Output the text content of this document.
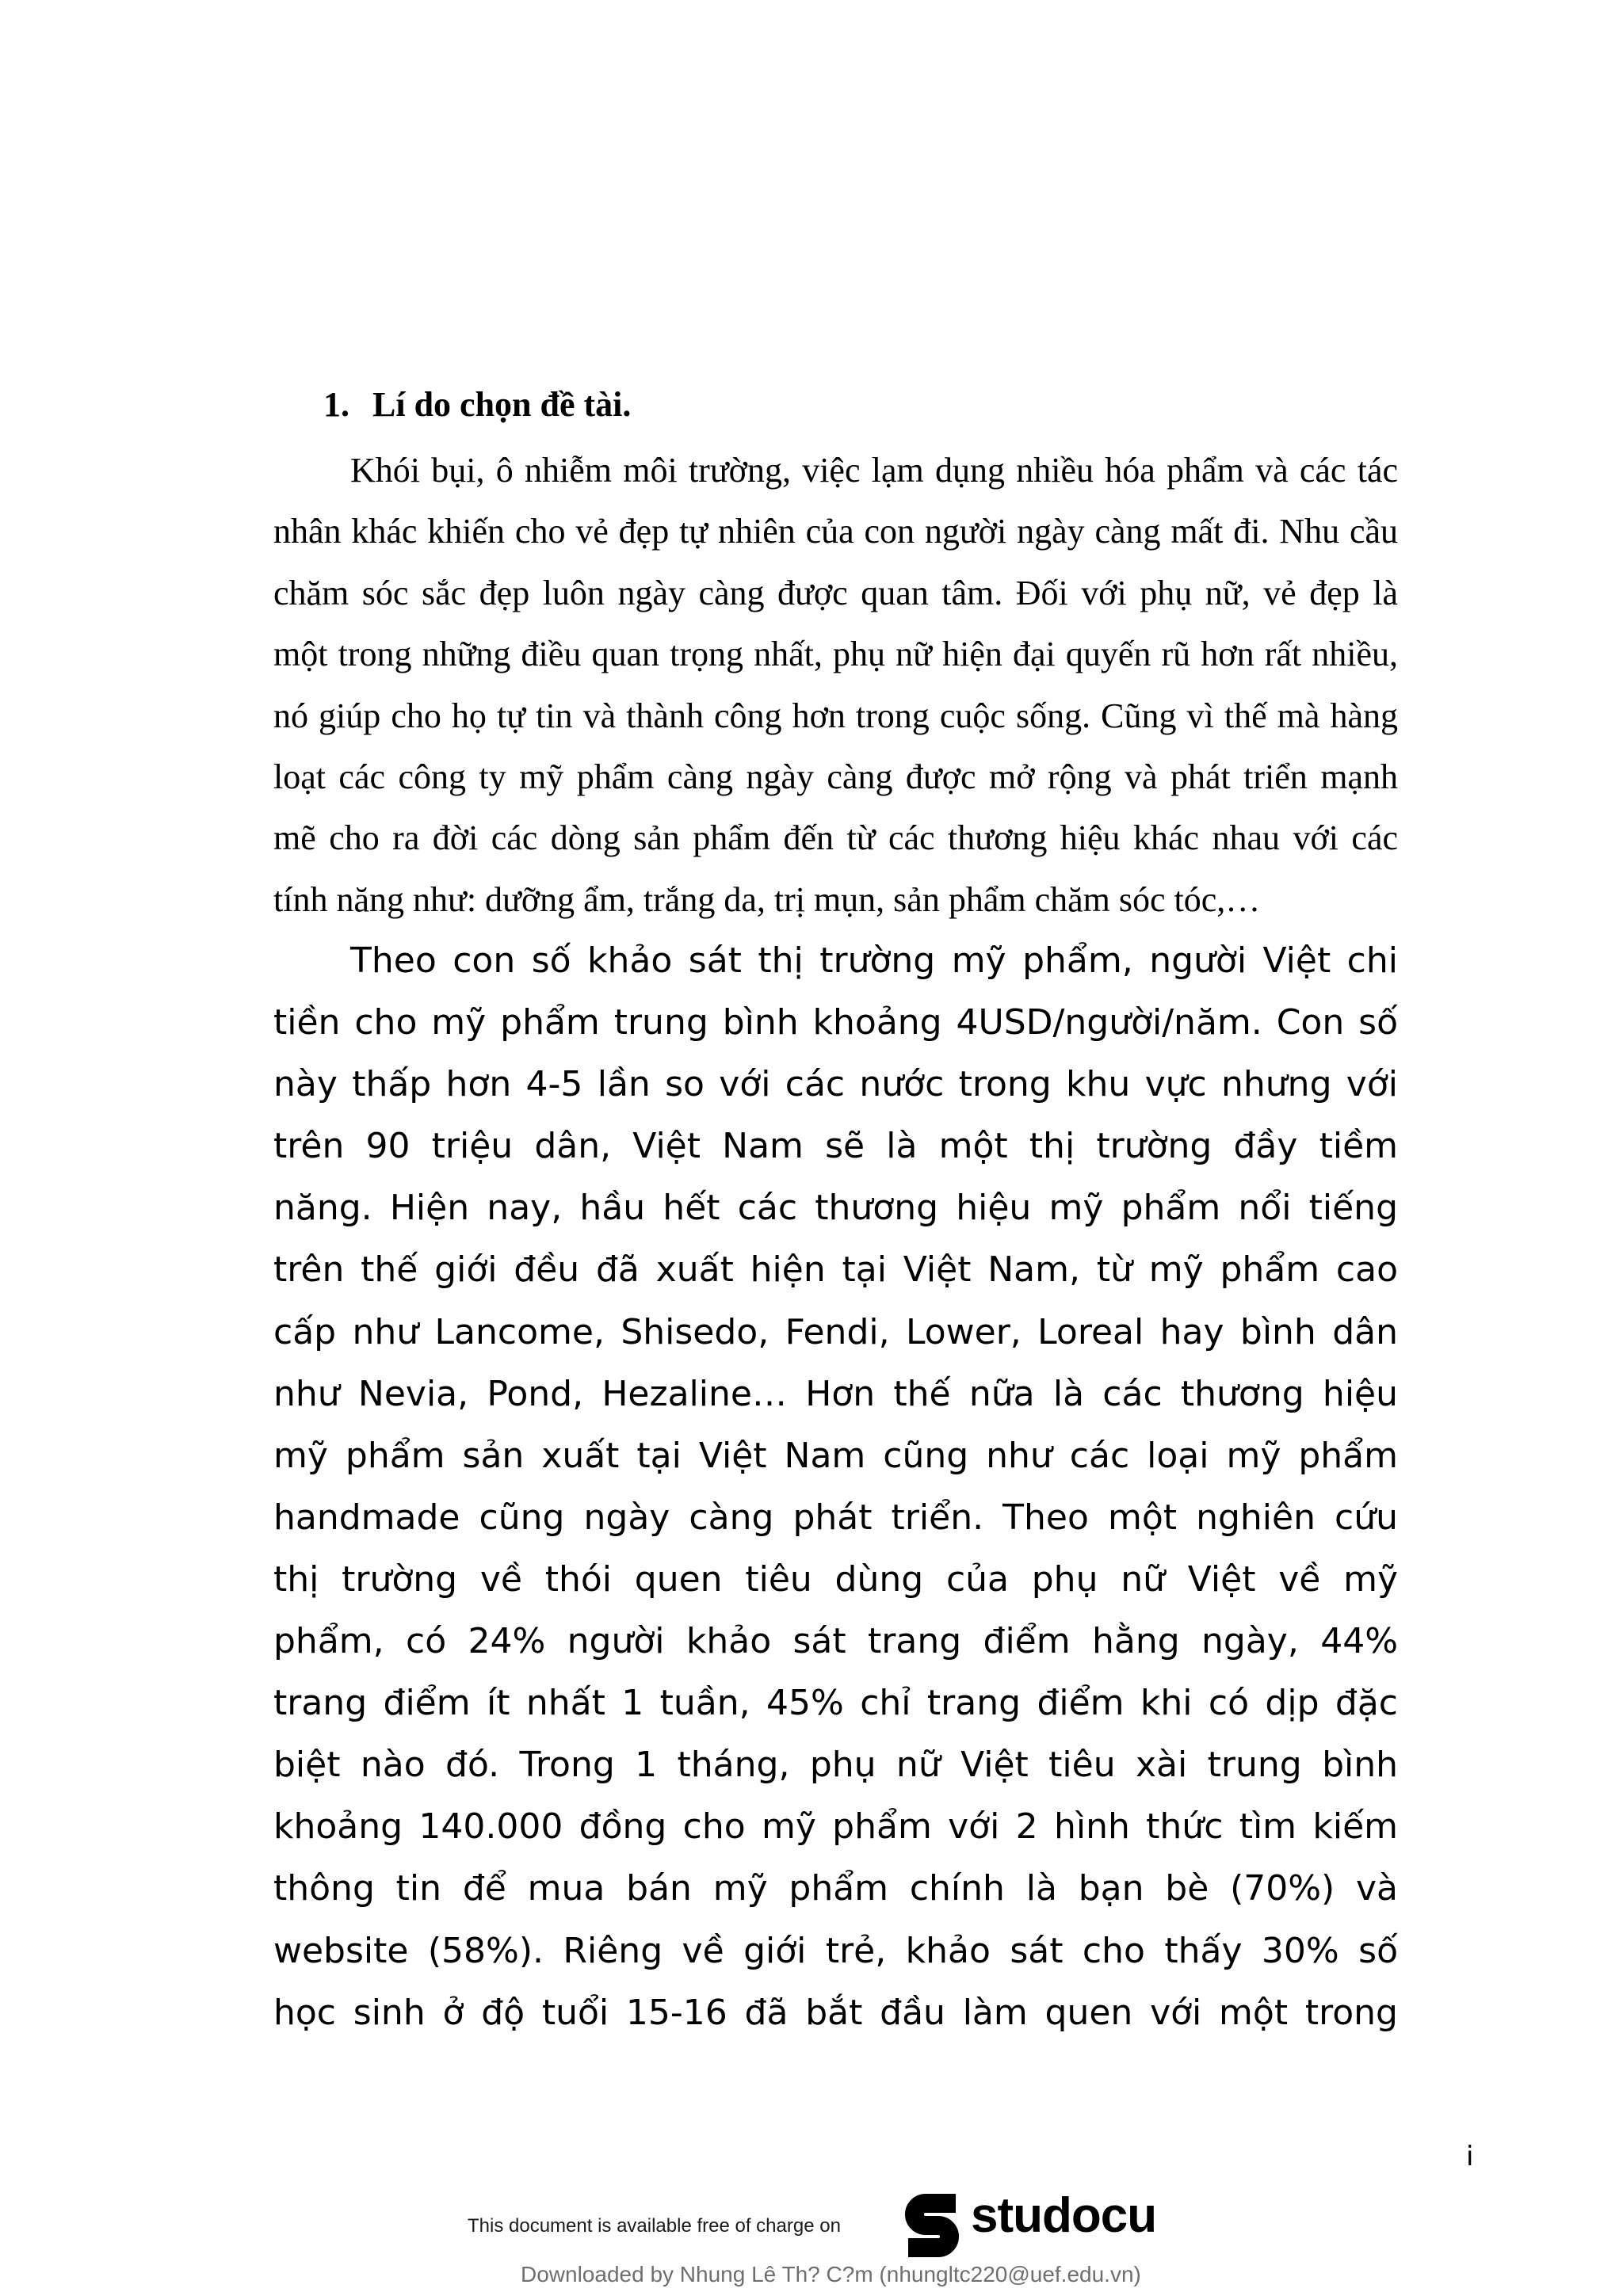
1. Lí do chọn đề tài.
Khói bụi, ô nhiễm môi trường, việc lạm dụng nhiều hóa phẩm và các tác
nhân khác khiến cho vẻ đẹp tự nhiên của con người ngày càng mất đi. Nhu cầu
chăm sóc sắc đẹp luôn ngày càng được quan tâm. Đối với phụ nữ, vẻ đẹp là
một trong những điều quan trọng nhất, phụ nữ hiện đại quyến rũ hơn rất nhiều,
nó giúp cho họ tự tin và thành công hơn trong cuộc sống. Cũng vì thế mà hàng
loạt các công ty mỹ phẩm càng ngày càng được mở rộng và phát triển mạnh
mẽ cho ra đời các dòng sản phẩm đến từ các thương hiệu khác nhau với các
tính năng như: dưỡng ẩm, trắng da, trị mụn, sản phẩm chăm sóc tóc,…
Theo con số khảo sát thị trường mỹ phẩm, người Việt chi
tiền cho mỹ phẩm trung bình khoảng 4USD/người/năm. Con số
này thấp hơn 4-5 lần so với các nước trong khu vực nhưng với
trên 90 triệu dân, Việt Nam sẽ là một thị trường đầy tiềm
năng. Hiện nay, hầu hết các thương hiệu mỹ phẩm nổi tiếng
trên thế giới đều đã xuất hiện tại Việt Nam, từ mỹ phẩm cao
cấp như Lancome, Shisedo, Fendi, Lower, Loreal hay bình dân
như Nevia, Pond, Hezaline… Hơn thế nữa là các thương hiệu
mỹ phẩm sản xuất tại Việt Nam cũng như các loại mỹ phẩm
handmade cũng ngày càng phát triển. Theo một nghiên cứu
thị trường về thói quen tiêu dùng của phụ nữ Việt về mỹ
phẩm, có 24% người khảo sát trang điểm hằng ngày, 44%
trang điểm ít nhất 1 tuần, 45% chỉ trang điểm khi có dịp đặc
biệt nào đó. Trong 1 tháng, phụ nữ Việt tiêu xài trung bình
khoảng 140.000 đồng cho mỹ phẩm với 2 hình thức tìm kiếm
thông tin để mua bán mỹ phẩm chính là bạn bè (70%) và
website (58%). Riêng về giới trẻ, khảo sát cho thấy 30% số
học sinh ở độ tuổi 15-16 đã bắt đầu làm quen với một trong
i
This document is available free of charge on	studocu
Downloaded by Nhung Lê Th? C?m (nhungltc220@uef.edu.vn)
